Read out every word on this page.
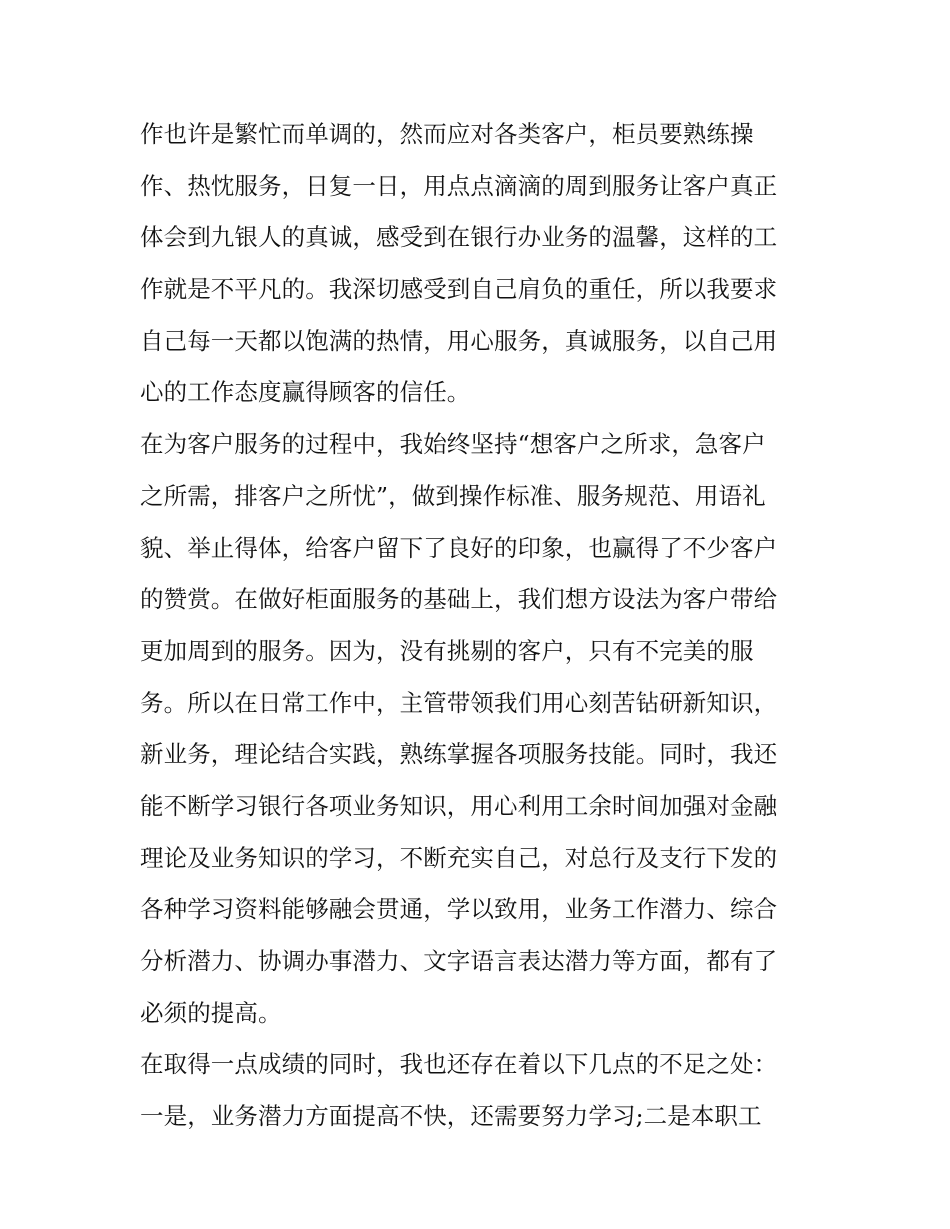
作也许是繁忙而单调的，然而应对各类客户，柜员要熟练操
作、热忱服务，日复一日，用点点滴滴的周到服务让客户真正
体会到九银人的真诚，感受到在银行办业务的温馨，这样的工
作就是不平凡的。我深切感受到自己肩负的重任，所以我要求
自己每一天都以饱满的热情，用心服务，真诚服务，以自己用
心的工作态度赢得顾客的信任。
在为客户服务的过程中，我始终坚持“想客户之所求，急客户
之所需，排客户之所忧”，做到操作标准、服务规范、用语礼
貌、举止得体，给客户留下了良好的印象，也赢得了不少客户
的赞赏。在做好柜面服务的基础上，我们想方设法为客户带给
更加周到的服务。因为，没有挑剔的客户，只有不完美的服
务。所以在日常工作中，主管带领我们用心刻苦钻研新知识，
新业务，理论结合实践，熟练掌握各项服务技能。同时，我还
能不断学习银行各项业务知识，用心利用工余时间加强对金融
理论及业务知识的学习，不断充实自己，对总行及支行下发的
各种学习资料能够融会贯通，学以致用，业务工作潜力、综合
分析潜力、协调办事潜力、文字语言表达潜力等方面，都有了
必须的提高。
在取得一点成绩的同时，我也还存在着以下几点的不足之处：
一是，业务潜力方面提高不快，还需要努力学习;二是本职工
